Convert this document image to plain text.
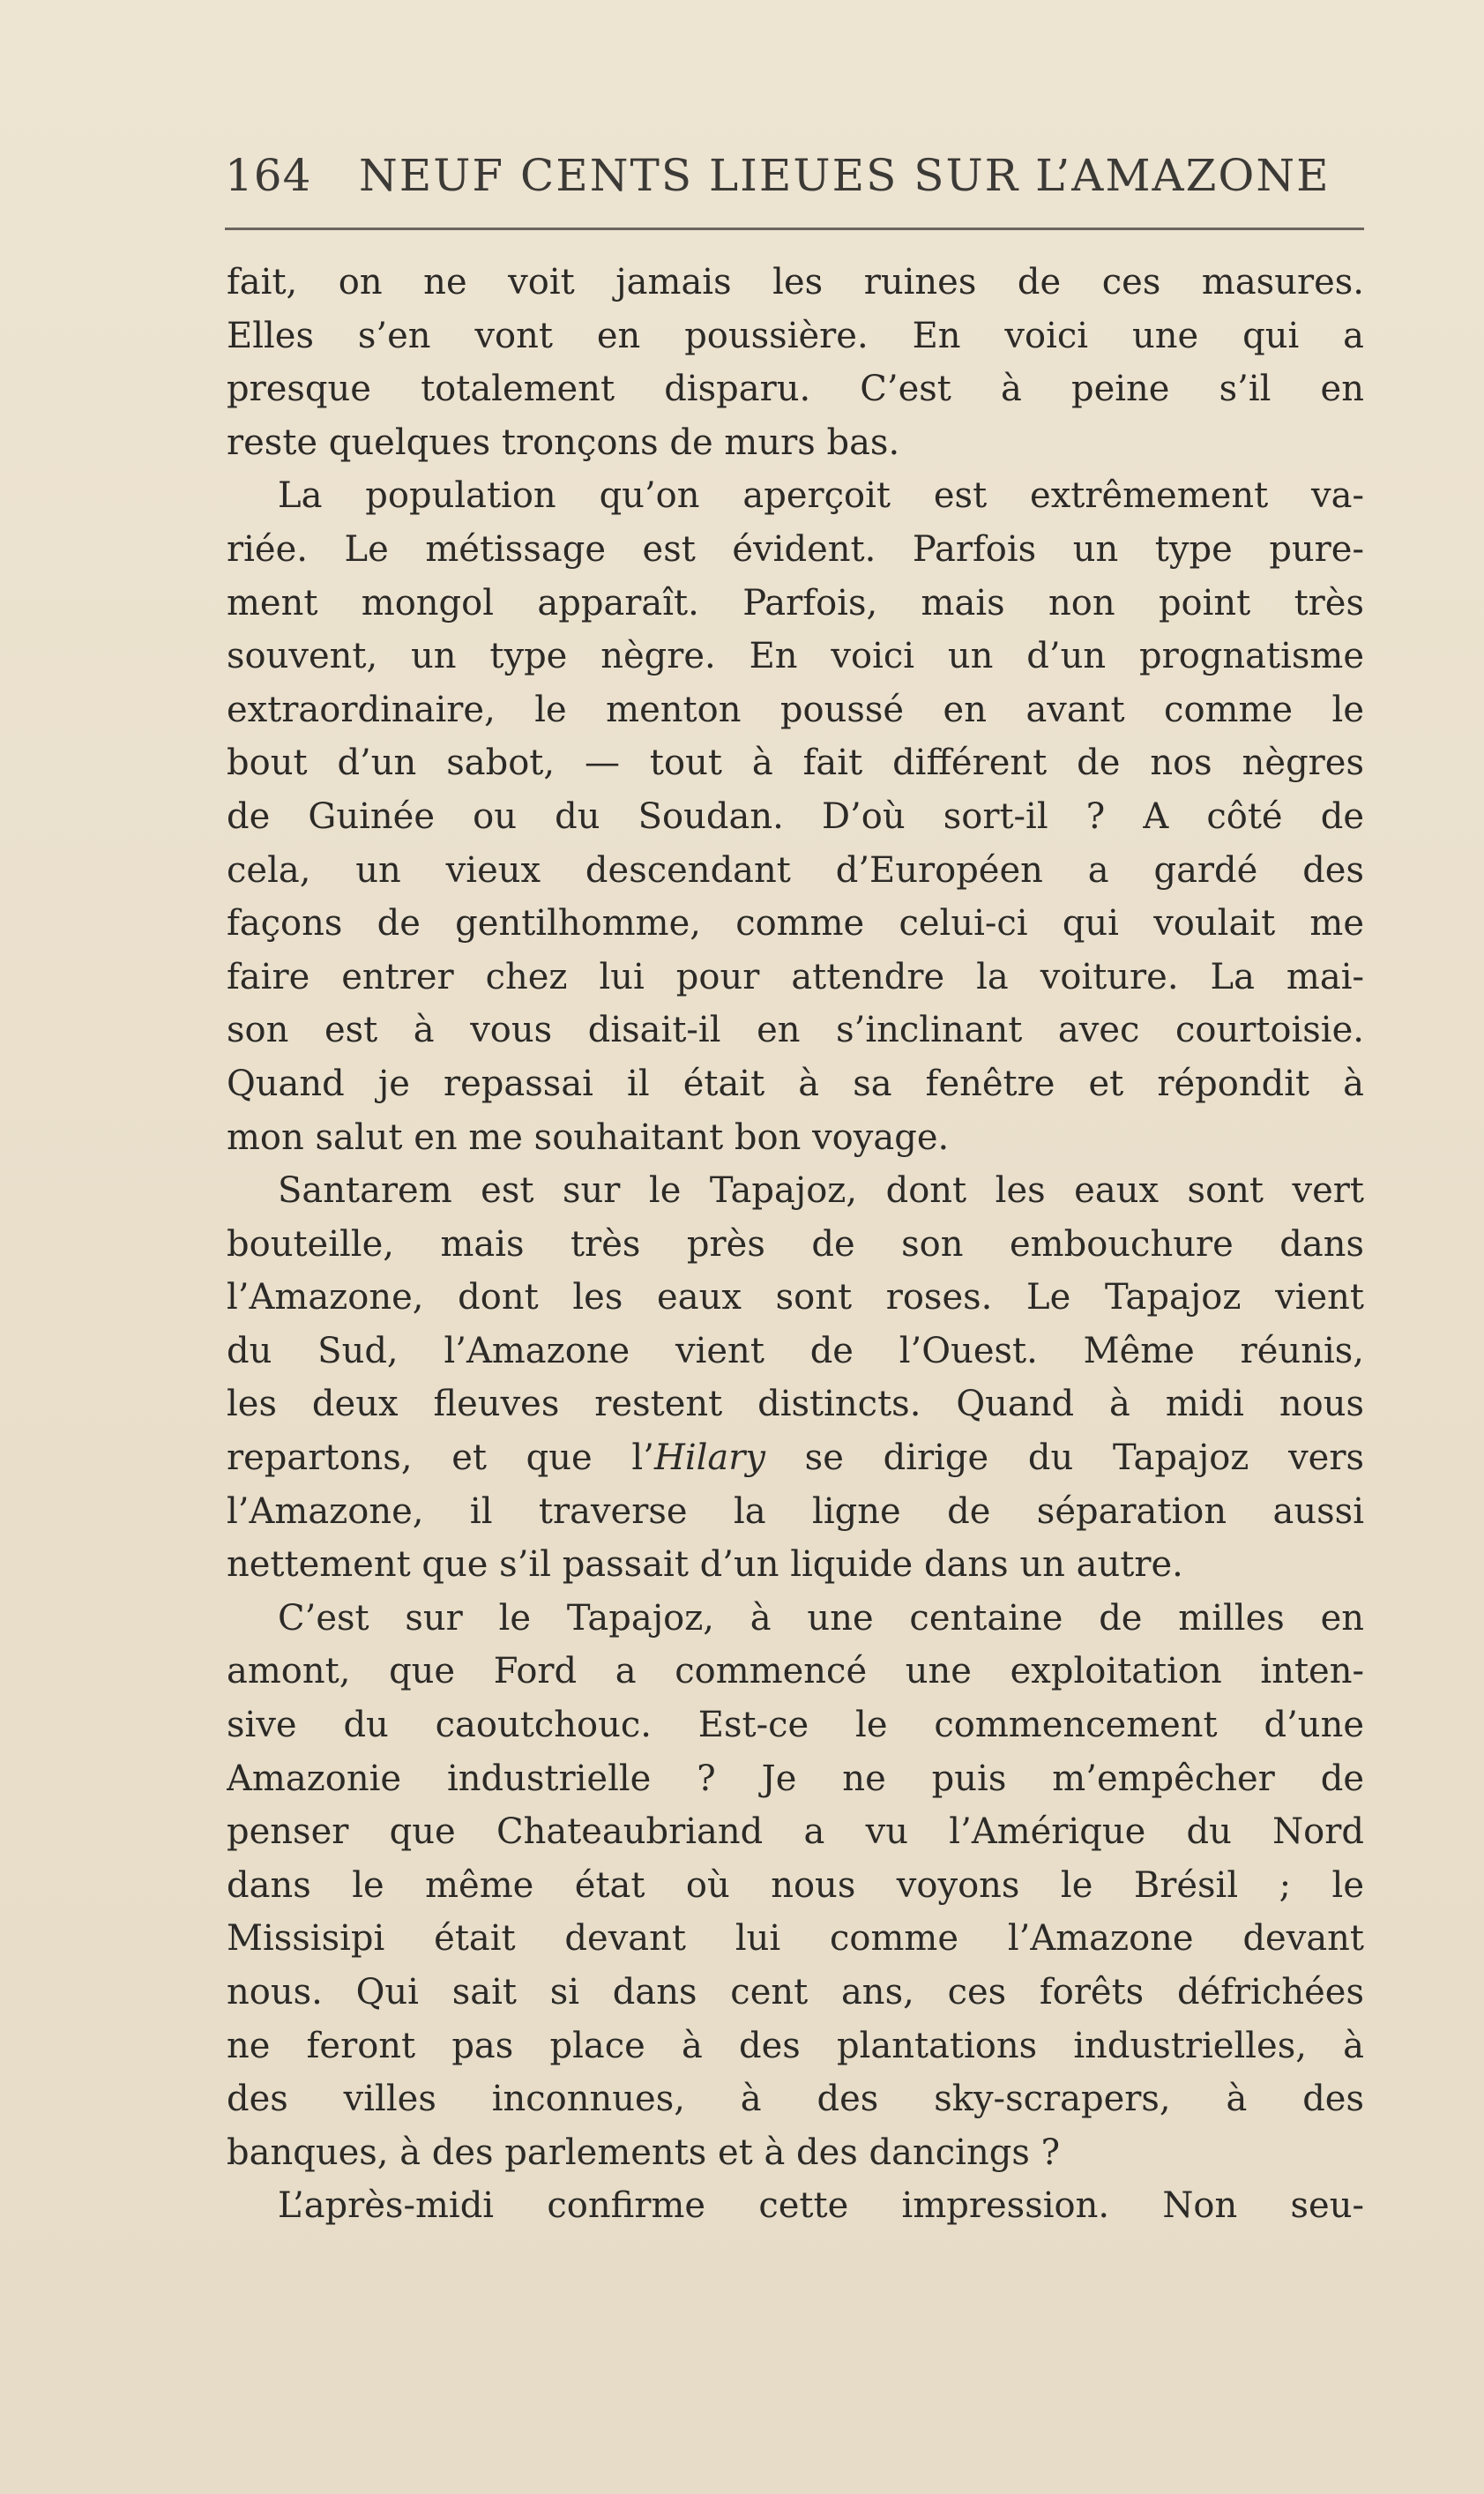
164 NEUF CENTS LIEUES SUR L’AMAZONE
fait, on ne voit jamais les ruines de ces masures.
Elles s’en vont en poussière. En voici une qui a
presque totalement disparu. C’est à peine s’il en
reste quelques tronçons de murs bas.
La population qu’on aperçoit est extrêmement va-
riée. Le métissage est évident. Parfois un type pure-
ment mongol apparaît. Parfois, mais non point très
souvent, un type nègre. En voici un d’un prognatisme
extraordinaire, le menton poussé en avant comme le
bout d’un sabot, — tout à fait différent de nos nègres
de Guinée ou du Soudan. D’où sort-il ? A côté de
cela, un vieux descendant d’Européen a gardé des
façons de gentilhomme, comme celui-ci qui voulait me
faire entrer chez lui pour attendre la voiture. La mai-
son est à vous disait-il en s’inclinant avec courtoisie.
Quand je repassai il était à sa fenêtre et répondit à
mon salut en me souhaitant bon voyage.
Santarem est sur le Tapajoz, dont les eaux sont vert
bouteille, mais très près de son embouchure dans
l’Amazone, dont les eaux sont roses. Le Tapajoz vient
du Sud, l’Amazone vient de l’Ouest. Même réunis,
les deux fleuves restent distincts. Quand à midi nous
repartons, et que l’Hilary se dirige du Tapajoz vers
l’Amazone, il traverse la ligne de séparation aussi
nettement que s’il passait d’un liquide dans un autre.
C’est sur le Tapajoz, à une centaine de milles en
amont, que Ford a commencé une exploitation inten-
sive du caoutchouc. Est-ce le commencement d’une
Amazonie industrielle ? Je ne puis m’empêcher de
penser que Chateaubriand a vu l’Amérique du Nord
dans le même état où nous voyons le Brésil ; le
Missisipi était devant lui comme l’Amazone devant
nous. Qui sait si dans cent ans, ces forêts défrichées
ne feront pas place à des plantations industrielles, à
des villes inconnues, à des sky-scrapers, à des
banques, à des parlements et à des dancings ?
L’après-midi confirme cette impression. Non seu-
